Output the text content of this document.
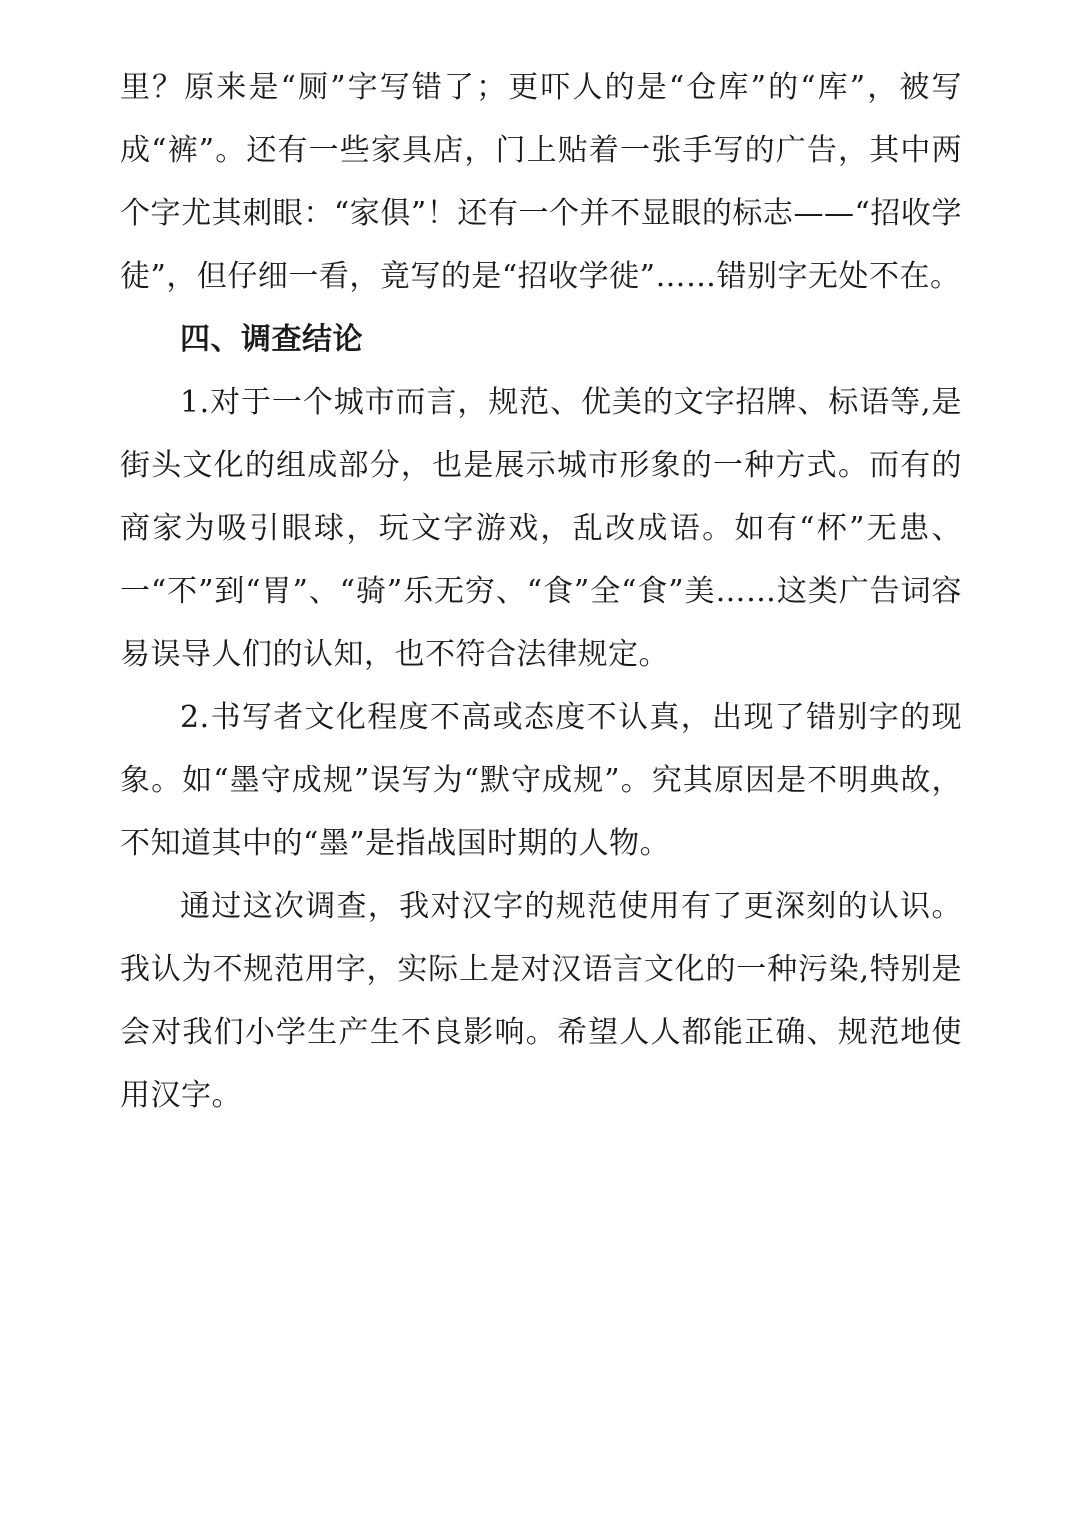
里？原来是“厕”字写错了；更吓人的是“仓库”的“库”，被写成“裤”。还有一些家具店，门上贴着一张手写的广告，其中两个字尤其刺眼：“家俱”！还有一个并不显眼的标志——“招收学徒”，但仔细一看，竟写的是“招收学徙”……错别字无处不在。

四、调查结论

1.对于一个城市而言，规范、优美的文字招牌、标语等,是街头文化的组成部分，也是展示城市形象的一种方式。而有的商家为吸引眼球，玩文字游戏，乱改成语。如有“杯”无患、一“不”到“胃”、“骑”乐无穷、“食”全“食”美……这类广告词容易误导人们的认知，也不符合法律规定。

2.书写者文化程度不高或态度不认真，出现了错别字的现象。如“墨守成规”误写为“默守成规”。究其原因是不明典故，不知道其中的“墨”是指战国时期的人物。

通过这次调查，我对汉字的规范使用有了更深刻的认识。我认为不规范用字，实际上是对汉语言文化的一种污染,特别是会对我们小学生产生不良影响。希望人人都能正确、规范地使用汉字。
